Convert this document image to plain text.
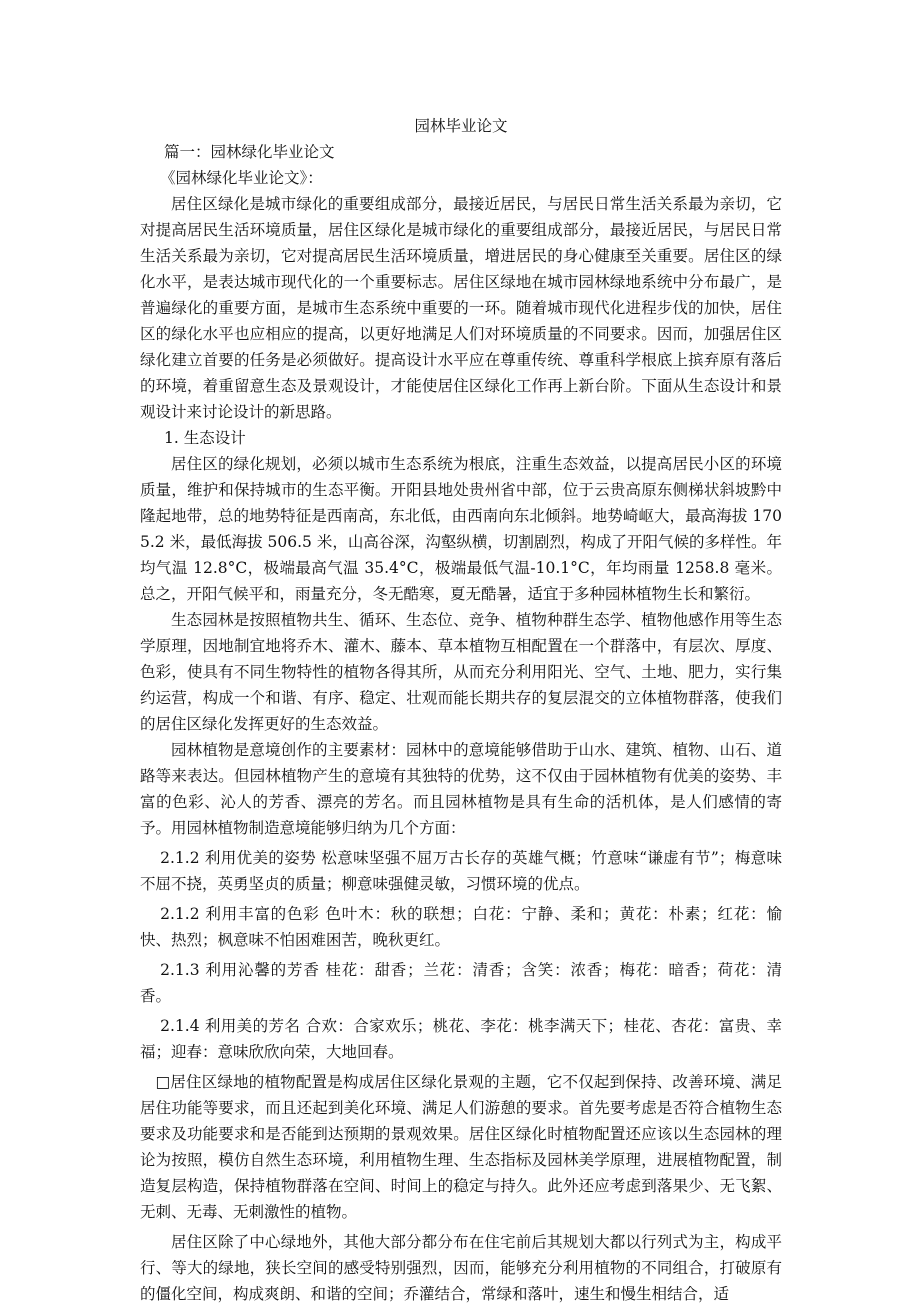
园林毕业论文

篇一：园林绿化毕业论文

《园林绿化毕业论文》：

居住区绿化是城市绿化的重要组成部分，最接近居民，与居民日常生活关系最为亲切，它对提高居民生活环境质量，居住区绿化是城市绿化的重要组成部分，最接近居民，与居民日常生活关系最为亲切，它对提高居民生活环境质量，增进居民的身心健康至关重要。居住区的绿化水平，是表达城市现代化的一个重要标志。居住区绿地在城市园林绿地系统中分布最广，是普遍绿化的重要方面，是城市生态系统中重要的一环。随着城市现代化进程步伐的加快，居住区的绿化水平也应相应的提高，以更好地满足人们对环境质量的不同要求。因而，加强居住区绿化建立首要的任务是必须做好。提高设计水平应在尊重传统、尊重科学根底上摈弃原有落后的环境，着重留意生态及景观设计，才能使居住区绿化工作再上新台阶。下面从生态设计和景观设计来讨论设计的新思路。

1. 生态设计

居住区的绿化规划，必须以城市生态系统为根底，注重生态效益，以提高居民小区的环境质量，维护和保持城市的生态平衡。开阳县地处贵州省中部，位于云贵高原东侧梯状斜坡黔中隆起地带，总的地势特征是西南高，东北低，由西南向东北倾斜。地势崎岖大，最高海拔 1705.2 米，最低海拔 506.5 米，山高谷深，沟壑纵横，切割剧烈，构成了开阳气候的多样性。年均气温 12.8°C，极端最高气温 35.4°C，极端最低气温-10.1°C，年均雨量 1258.8 毫米。总之，开阳气候平和，雨量充分，冬无酷寒，夏无酷暑，适宜于多种园林植物生长和繁衍。

生态园林是按照植物共生、循环、生态位、竞争、植物种群生态学、植物他感作用等生态学原理，因地制宜地将乔木、灌木、藤本、草本植物互相配置在一个群落中，有层次、厚度、色彩，使具有不同生物特性的植物各得其所，从而充分利用阳光、空气、土地、肥力，实行集约运营，构成一个和谐、有序、稳定、壮观而能长期共存的复层混交的立体植物群落，使我们的居住区绿化发挥更好的生态效益。

园林植物是意境创作的主要素材：园林中的意境能够借助于山水、建筑、植物、山石、道路等来表达。但园林植物产生的意境有其独特的优势，这不仅由于园林植物有优美的姿势、丰富的色彩、沁人的芳香、漂亮的芳名。而且园林植物是具有生命的活机体，是人们感情的寄予。用园林植物制造意境能够归纳为几个方面：

2.1.2 利用优美的姿势 松意味坚强不屈万古长存的英雄气概；竹意味“谦虚有节”；梅意味不屈不挠，英勇坚贞的质量；柳意味强健灵敏，习惯环境的优点。

2.1.2 利用丰富的色彩 色叶木：秋的联想；白花：宁静、柔和；黄花：朴素；红花：愉快、热烈；枫意味不怕困难困苦，晚秋更红。

2.1.3 利用沁馨的芳香 桂花：甜香；兰花：清香；含笑：浓香；梅花：暗香；荷花：清香。

2.1.4 利用美的芳名 合欢：合家欢乐；桃花、李花：桃李满天下；桂花、杏花：富贵、幸福；迎春：意味欣欣向荣，大地回春。

□居住区绿地的植物配置是构成居住区绿化景观的主题，它不仅起到保持、改善环境、满足居住功能等要求，而且还起到美化环境、满足人们游憩的要求。首先要考虑是否符合植物生态要求及功能要求和是否能到达预期的景观效果。居住区绿化时植物配置还应该以生态园林的理论为按照，模仿自然生态环境，利用植物生理、生态指标及园林美学原理，进展植物配置，制造复层构造，保持植物群落在空间、时间上的稳定与持久。此外还应考虑到落果少、无飞絮、无刺、无毒、无刺激性的植物。

居住区除了中心绿地外，其他大部分都分布在住宅前后其规划大都以行列式为主，构成平行、等大的绿地，狭长空间的感受特别强烈，因而，能够充分利用植物的不同组合，打破原有的僵化空间，构成爽朗、和谐的空间；乔灌结合，常绿和落叶，速生和慢生相结合，适
